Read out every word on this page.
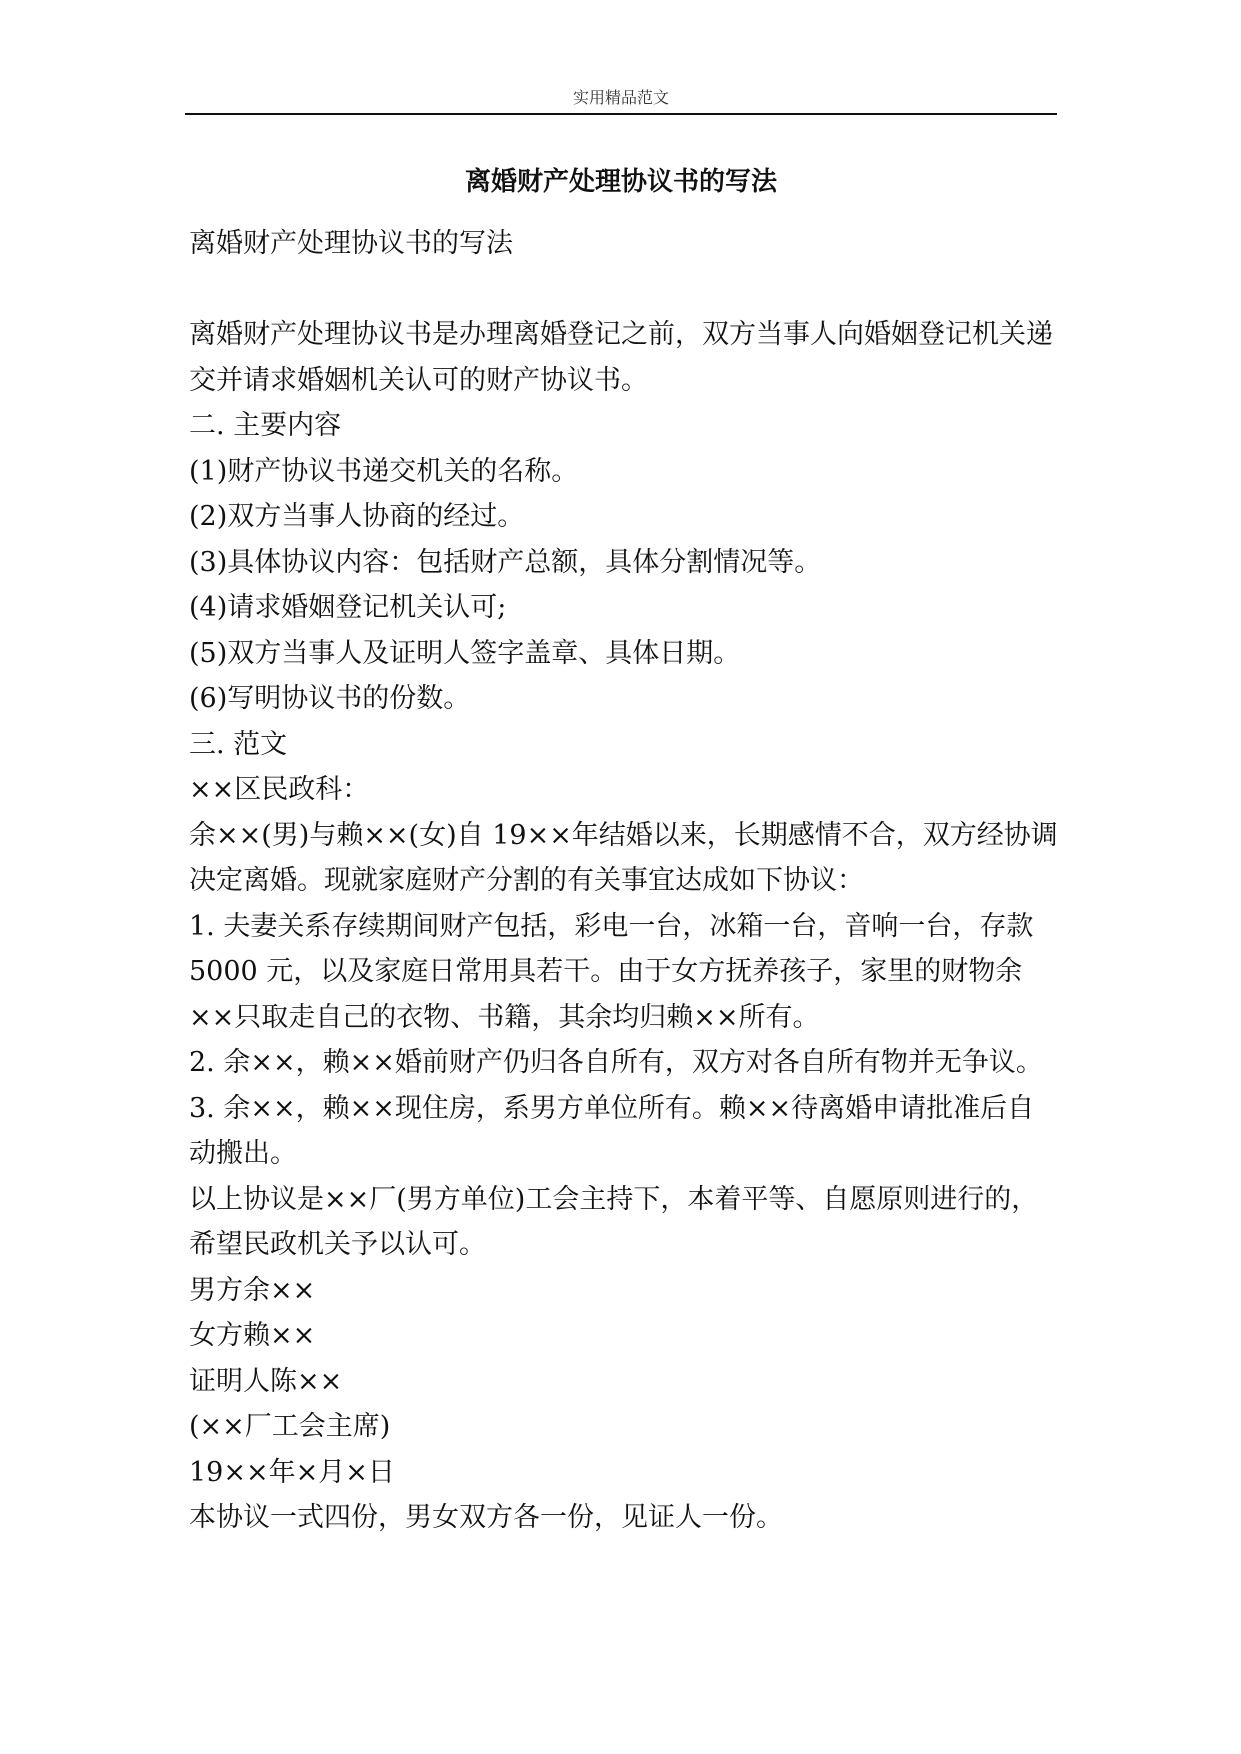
实用精品范文
离婚财产处理协议书的写法

离婚财产处理协议书的写法

离婚财产处理协议书是办理离婚登记之前，双方当事人向婚姻登记机关递交并请求婚姻机关认可的财产协议书。

二. 主要内容

(1)财产协议书递交机关的名称。

(2)双方当事人协商的经过。

(3)具体协议内容：包括财产总额，具体分割情况等。

(4)请求婚姻登记机关认可;

(5)双方当事人及证明人签字盖章、具体日期。

(6)写明协议书的份数。

三. 范文

××区民政科：

余××(男)与赖××(女)自 19××年结婚以来，长期感情不合，双方经协调决定离婚。现就家庭财产分割的有关事宜达成如下协议：

1. 夫妻关系存续期间财产包括，彩电一台，冰箱一台，音响一台，存款 5000 元，以及家庭日常用具若干。由于女方抚养孩子，家里的财物余××只取走自己的衣物、书籍，其余均归赖××所有。

2. 余××，赖××婚前财产仍归各自所有，双方对各自所有物并无争议。

3. 余××，赖××现住房，系男方单位所有。赖××待离婚申请批准后自动搬出。

以上协议是××厂(男方单位)工会主持下，本着平等、自愿原则进行的，希望民政机关予以认可。

男方余××

女方赖××

证明人陈××

(××厂工会主席)

19××年×月×日

本协议一式四份，男女双方各一份，见证人一份。
